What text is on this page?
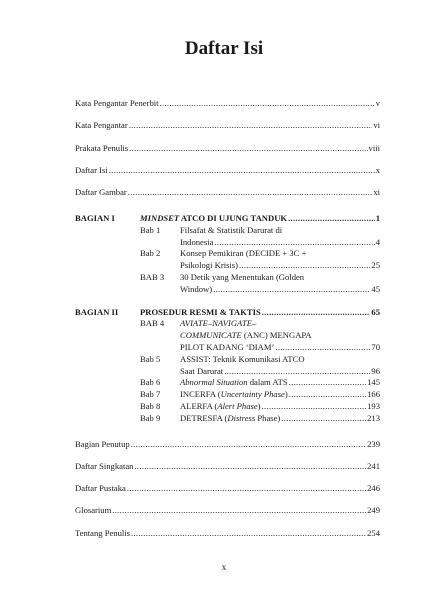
Daftar Isi
Kata Pengantar Penerbit .....	v
Kata Pengantar .....	vi
Prakata Penulis .....	viii
Daftar Isi .....	x
Daftar Gambar .....	xi
BAGIAN I	MINDSET ATCO DI UJUNG TANDUK .....	1
Bab 1	Filsafat & Statistik Darurat di
Indonesia .....	4
Bab 2	Konsep Pemikiran (DECIDE + 3C +
Psikologi Krisis) .....	25
BAB 3	30 Detik yang Menentukan (Golden
Window) .....	45
BAGIAN II	PROSEDUR RESMI & TAKTIS .....	65
BAB 4	AVIATE–NAVIGATE–
COMMUNICATE (ANC) MENGAPA
PILOT KADANG ‘DIAM’ .....	70
Bab 5	ASSIST: Teknik Komunikasi ATCO
Saat Darurat .....	96
Bab 6	Abnormal Situation dalam ATS .....	145
Bab 7	INCERFA (Uncertainty Phase) .....	166
Bab 8	ALERFA (Alert Phase) .....	193
Bab 9	DETRESFA (Distress Phase) .....	213
Bagian Penutup .....	239
Daftar Singkatan .....	241
Daftar Pustaka .....	246
Glosarium .....	249
Tentang Penulis .....	254
x
